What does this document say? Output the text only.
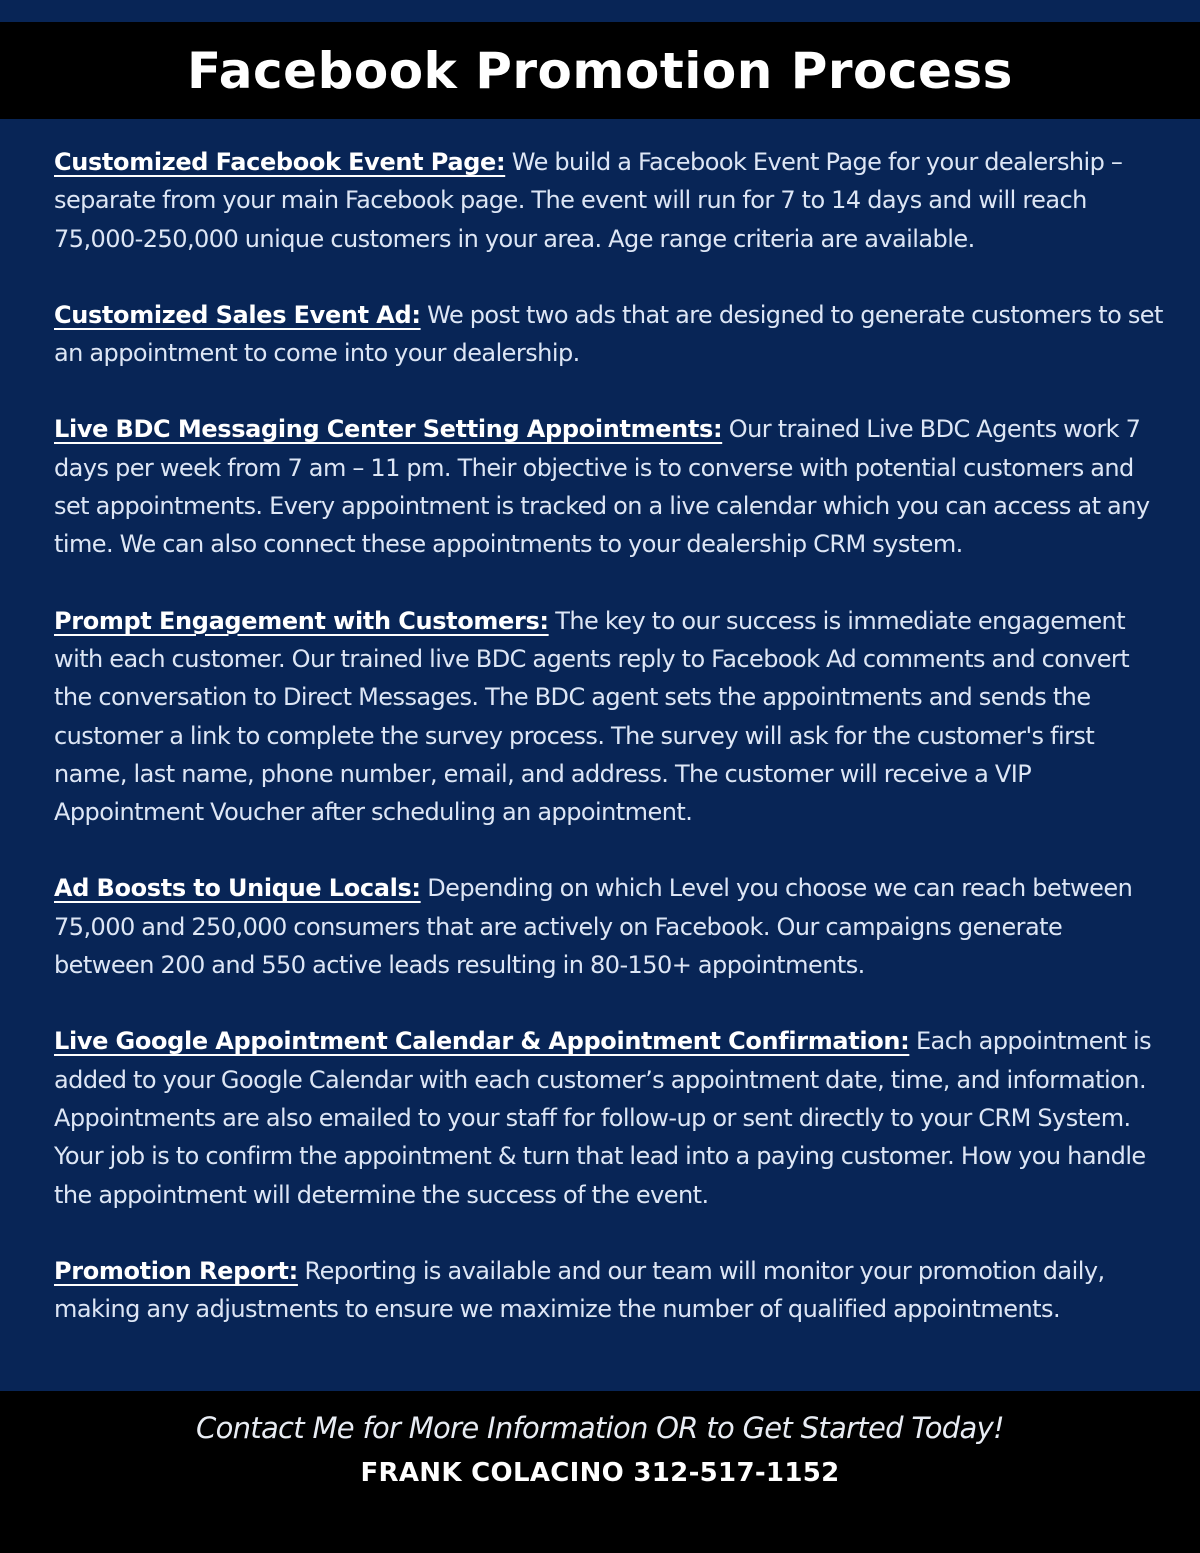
Facebook Promotion Process

Customized Facebook Event Page: We build a Facebook Event Page for your dealership – separate from your main Facebook page. The event will run for 7 to 14 days and will reach 75,000-250,000 unique customers in your area. Age range criteria are available.

Customized Sales Event Ad: We post two ads that are designed to generate customers to set an appointment to come into your dealership.

Live BDC Messaging Center Setting Appointments: Our trained Live BDC Agents work 7 days per week from 7 am – 11 pm. Their objective is to converse with potential customers and set appointments. Every appointment is tracked on a live calendar which you can access at any time. We can also connect these appointments to your dealership CRM system.

Prompt Engagement with Customers: The key to our success is immediate engagement with each customer. Our trained live BDC agents reply to Facebook Ad comments and convert the conversation to Direct Messages. The BDC agent sets the appointments and sends the customer a link to complete the survey process. The survey will ask for the customer's first name, last name, phone number, email, and address. The customer will receive a VIP Appointment Voucher after scheduling an appointment.

Ad Boosts to Unique Locals: Depending on which Level you choose we can reach between 75,000 and 250,000 consumers that are actively on Facebook. Our campaigns generate between 200 and 550 active leads resulting in 80-150+ appointments.

Live Google Appointment Calendar & Appointment Confirmation: Each appointment is added to your Google Calendar with each customer’s appointment date, time, and information. Appointments are also emailed to your staff for follow-up or sent directly to your CRM System. Your job is to confirm the appointment & turn that lead into a paying customer. How you handle the appointment will determine the success of the event.

Promotion Report: Reporting is available and our team will monitor your promotion daily, making any adjustments to ensure we maximize the number of qualified appointments.

Contact Me for More Information OR to Get Started Today!
FRANK COLACINO 312-517-1152
